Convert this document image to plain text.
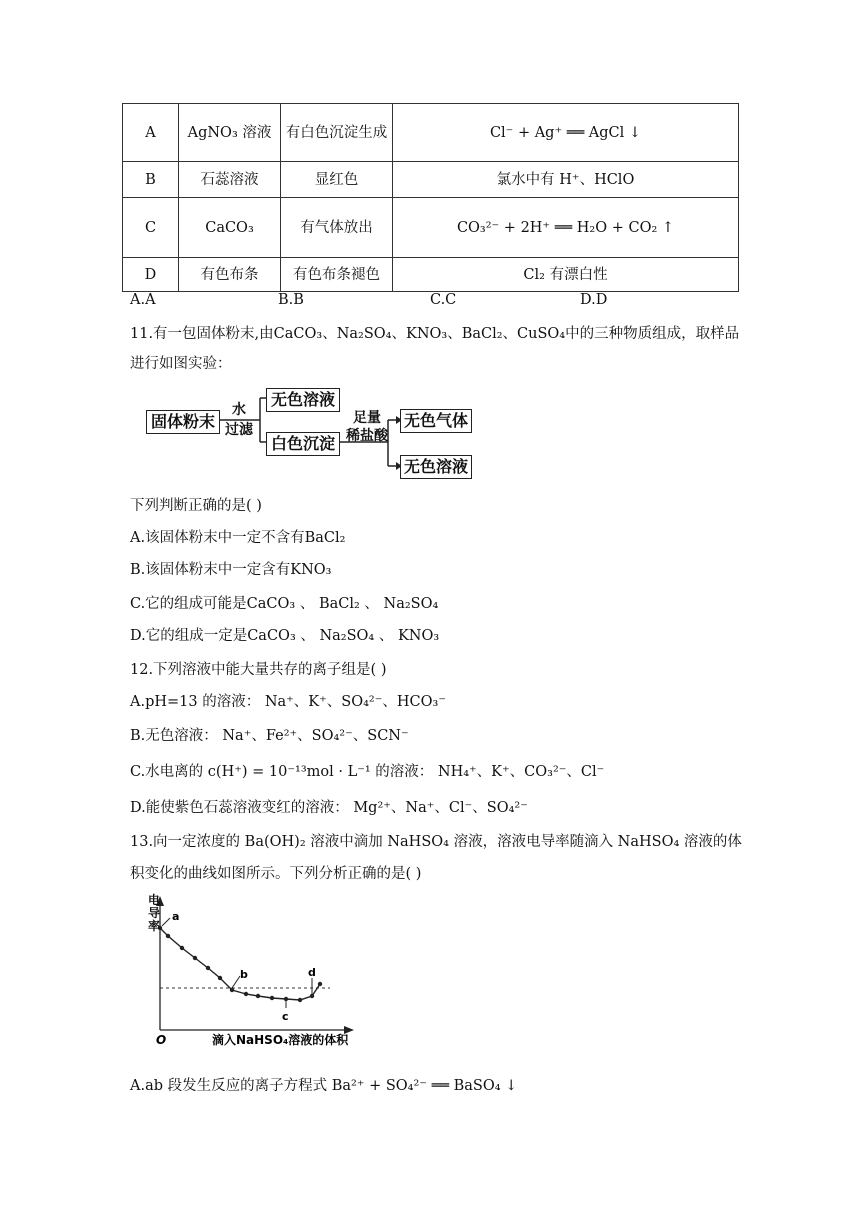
A	AgNO₃ 溶液	有白色沉淀生成	Cl⁻ + Ag⁺ ══ AgCl ↓
B	石蕊溶液	显红色	氯水中有 H⁺、HClO
C	CaCO₃	有气体放出	CO₃²⁻ + 2H⁺ ══ H₂O + CO₂ ↑
D	有色布条	有色布条褪色	Cl₂ 有漂白性
A.A	B.B	C.C	D.D
11.有一包固体粉末,由CaCO₃、Na₂SO₄、KNO₃、BaCl₂、CuSO₄中的三种物质组成，取样品
进行如图实验：
固体粉末
水
过滤
无色溶液
白色沉淀
足量
稀盐酸
无色气体
无色溶液
下列判断正确的是( )
A.该固体粉末中一定不含有BaCl₂
B.该固体粉末中一定含有KNO₃
C.它的组成可能是CaCO₃ 、 BaCl₂ 、 Na₂SO₄
D.它的组成一定是CaCO₃ 、 Na₂SO₄ 、 KNO₃
12.下列溶液中能大量共存的离子组是( )
A.pH=13 的溶液： Na⁺、K⁺、SO₄²⁻、HCO₃⁻
B.无色溶液： Na⁺、Fe²⁺、SO₄²⁻、SCN⁻
C.水电离的 c(H⁺) = 10⁻¹³mol · L⁻¹ 的溶液： NH₄⁺、K⁺、CO₃²⁻、Cl⁻
D.能使紫色石蕊溶液变红的溶液： Mg²⁺、Na⁺、Cl⁻、SO₄²⁻
13.向一定浓度的 Ba(OH)₂ 溶液中滴加 NaHSO₄ 溶液，溶液电导率随滴入 NaHSO₄ 溶液的体
积变化的曲线如图所示。下列分析正确的是( )
a
b
c
d
O	滴入NaHSO₄溶液的体积
电导率
A.ab 段发生反应的离子方程式 Ba²⁺ + SO₄²⁻ ══ BaSO₄ ↓
